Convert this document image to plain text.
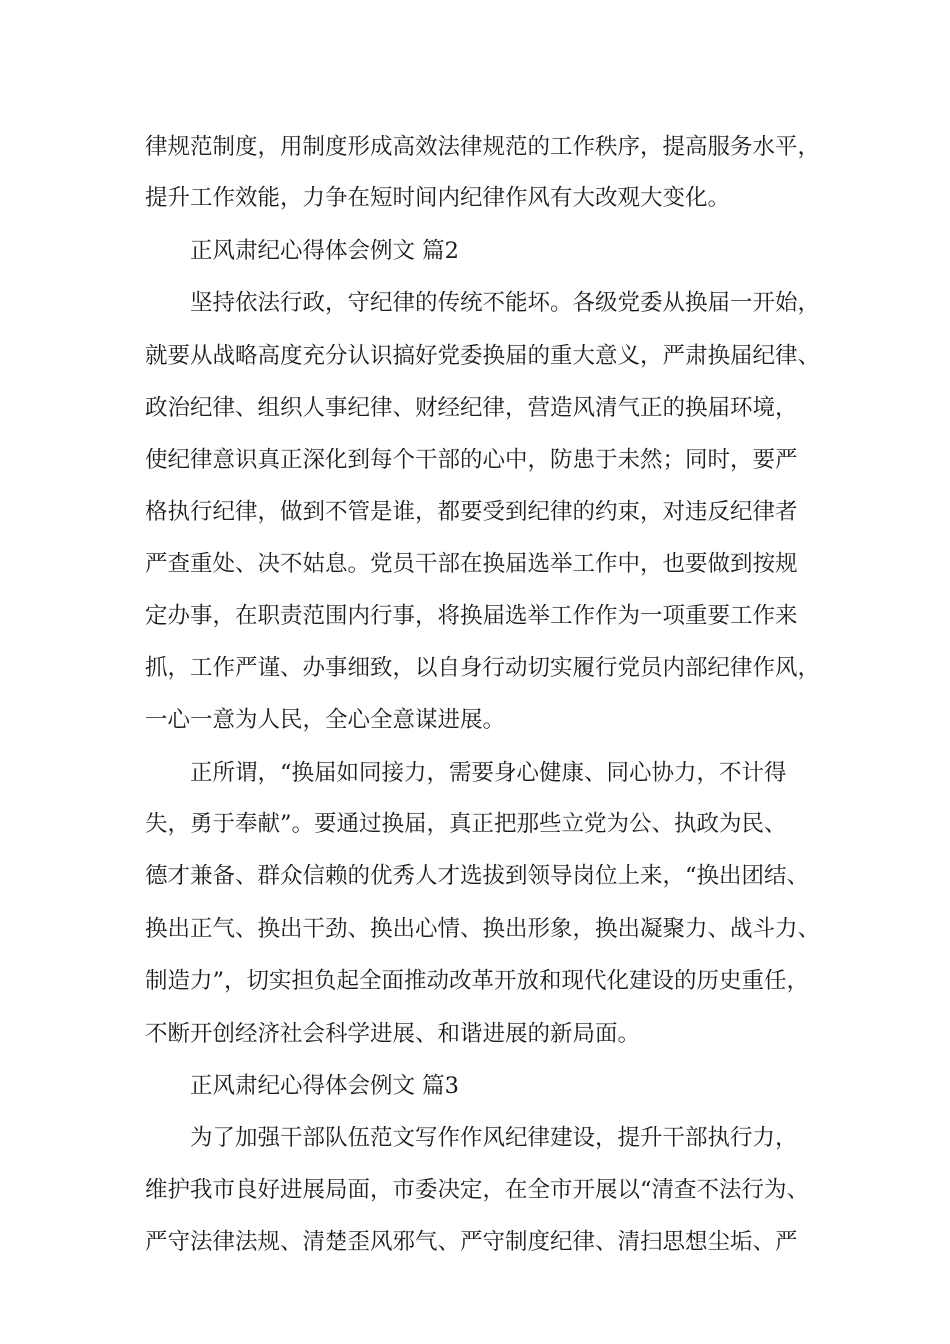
律规范制度，用制度形成高效法律规范的工作秩序，提高服务水平，
提升工作效能，力争在短时间内纪律作风有大改观大变化。
正风肃纪心得体会例文 篇2
坚持依法行政，守纪律的传统不能坏。各级党委从换届一开始，
就要从战略高度充分认识搞好党委换届的重大意义，严肃换届纪律、
政治纪律、组织人事纪律、财经纪律，营造风清气正的换届环境，
使纪律意识真正深化到每个干部的心中，防患于未然；同时，要严
格执行纪律，做到不管是谁，都要受到纪律的约束，对违反纪律者
严查重处、决不姑息。党员干部在换届选举工作中，也要做到按规
定办事，在职责范围内行事，将换届选举工作作为一项重要工作来
抓，工作严谨、办事细致，以自身行动切实履行党员内部纪律作风，
一心一意为人民，全心全意谋进展。
正所谓，“换届如同接力，需要身心健康、同心协力，不计得
失，勇于奉献”。要通过换届，真正把那些立党为公、执政为民、
德才兼备、群众信赖的优秀人才选拔到领导岗位上来，“换出团结、
换出正气、换出干劲、换出心情、换出形象，换出凝聚力、战斗力、
制造力”，切实担负起全面推动改革开放和现代化建设的历史重任，
不断开创经济社会科学进展、和谐进展的新局面。
正风肃纪心得体会例文 篇3
为了加强干部队伍范文写作作风纪律建设，提升干部执行力，
维护我市良好进展局面，市委决定，在全市开展以“清查不法行为、
严守法律法规、清楚歪风邪气、严守制度纪律、清扫思想尘垢、严
